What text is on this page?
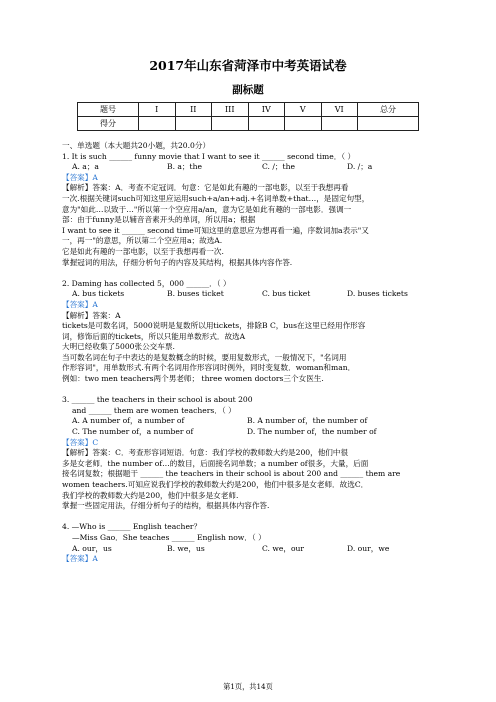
2017年山东省菏泽市中考英语试卷
副标题
题号	I	II	III	IV	V	VI	总分
得分							

一、单选题（本大题共20小题，共20.0分）

1. It is such ______ funny movie that I want to see it ______ second time．（ ）

A. a；a	B. a；the	C. /；the	D. /；a

【答案】A

【解析】答案：A．考查不定冠词．句意：它是如此有趣的一部电影，以至于我想再看

一次.根据关键词such可知这里应运用such+a/an+adj.+名词单数+that…，是固定句型，

意为"如此…以致于…"所以第一个空应用a/an，意为它是如此有趣的一部电影．强调一

部：由于funny是以辅音音素开头的单词，所以用a；根据

I want to see it ______ second time可知这里的意思应为想再看一遍，序数词加a表示"又

一，再一"的意思，所以第二个空应用a；故选A.

它是如此有趣的一部电影，以至于我想再看一次.

掌握冠词的用法，仔细分析句子的内容及其结构，根据具体内容作答.

2. Daming has collected 5，000 ______．（ ）

A. bus tickets	B. buses ticket	C. bus ticket	D. buses tickets

【答案】A

【解析】答案：A

tickets是可数名词，5000说明是复数所以用tickets，排除B C，bus在这里已经用作形容

词，修饰后面的tickets，所以只能用单数形式．故选A

大明已经收集了5000张公交车票.

当可数名词在句子中表达的是复数概念的时候，要用复数形式，一般情况下，"名词用

作形容词"，用单数形式.有两个名词用作形容词时例外，同时变复数．woman和man．

例如：two men teachers两个男老师； three women doctors三个女医生.

3. ______ the teachers in their school is about 200

and ______ them are women teachers．（ ）

A. A number of，a number of	B. A number of，the number of

C. The number of，a number of	D. The number of，the number of

【答案】C

【解析】答案：C．考查形容词短语．句意：我们学校的教师数大约是200，他们中很

多是女老师．the number of…的数目，后面接名词单数；a number of很多，大量，后面

接名词复数；根据题干 ______ the teachers in their school is about 200 and ______ them are

women teachers.可知应说我们学校的教师数大约是200，他们中很多是女老师．故选C．

我们学校的教师数大约是200，他们中很多是女老师.

掌握一些固定用法，仔细分析句子的结构，根据具体内容作答.

4. —Who is ______ English teacher？

—Miss Gao．She teaches ______ English now．（ ）

A. our，us	B. we，us	C. we，our	D. our，we

【答案】A

第1页，共14页
